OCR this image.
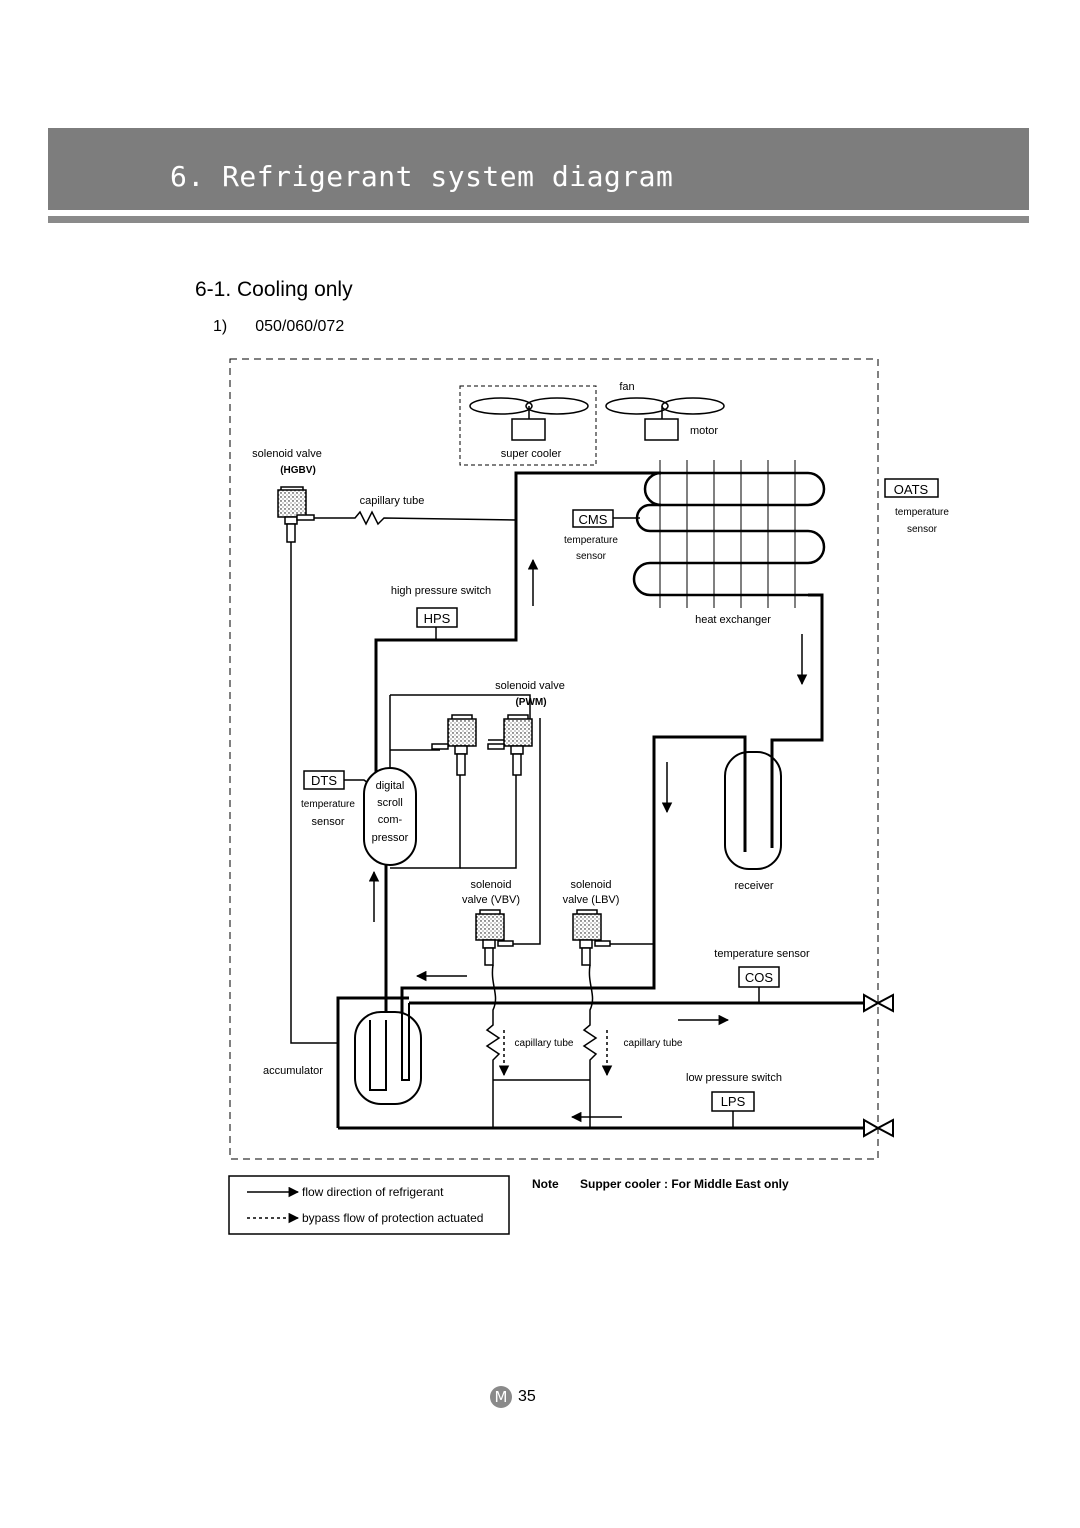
6. Refrigerant system diagram
6-1. Cooling only
1) 050/060/072
fan
motor
super cooler
solenoid valve
(HGBV)
capillary tube
heat exchanger
CMS
temperature
sensor
OATS
temperature
sensor
high pressure switch
HPS
solenoid valve
(PWM)
DTS
temperature
sensor
digital
scroll
com-
pressor
receiver
solenoid
valve (VBV)
solenoid
valve (LBV)
temperature sensor
COS
accumulator
capillary tube	capillary tube
low pressure switch
LPS
flow direction of refrigerant
bypass flow of protection actuated
Note Supper cooler : For Middle East only
M 35
